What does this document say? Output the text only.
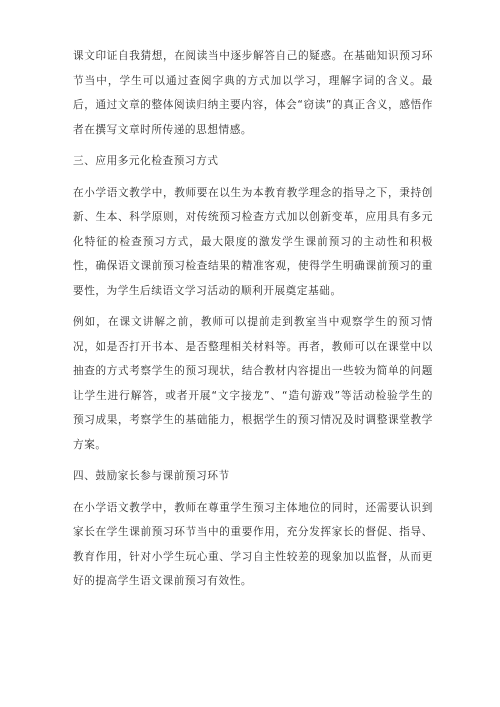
课文印证自我猜想，在阅读当中逐步解答自己的疑惑。在基础知识预习环节当中，学生可以通过查阅字典的方式加以学习，理解字词的含义。最后，通过文章的整体阅读归纳主要内容，体会“窃读”的真正含义，感悟作者在撰写文章时所传递的思想情感。

三、应用多元化检查预习方式

在小学语文教学中，教师要在以生为本教育教学理念的指导之下，秉持创新、生本、科学原则，对传统预习检查方式加以创新变革，应用具有多元化特征的检查预习方式，最大限度的激发学生课前预习的主动性和积极性，确保语文课前预习检查结果的精准客观，使得学生明确课前预习的重要性，为学生后续语文学习活动的顺利开展奠定基础。

例如，在课文讲解之前，教师可以提前走到教室当中观察学生的预习情况，如是否打开书本、是否整理相关材料等。再者，教师可以在课堂中以抽查的方式考察学生的预习现状，结合教材内容提出一些较为简单的问题让学生进行解答，或者开展“文字接龙”、“造句游戏”等活动检验学生的预习成果，考察学生的基础能力，根据学生的预习情况及时调整课堂教学方案。

四、鼓励家长参与课前预习环节

在小学语文教学中，教师在尊重学生预习主体地位的同时，还需要认识到家长在学生课前预习环节当中的重要作用，充分发挥家长的督促、指导、教育作用，针对小学生玩心重、学习自主性较差的现象加以监督，从而更好的提高学生语文课前预习有效性。
